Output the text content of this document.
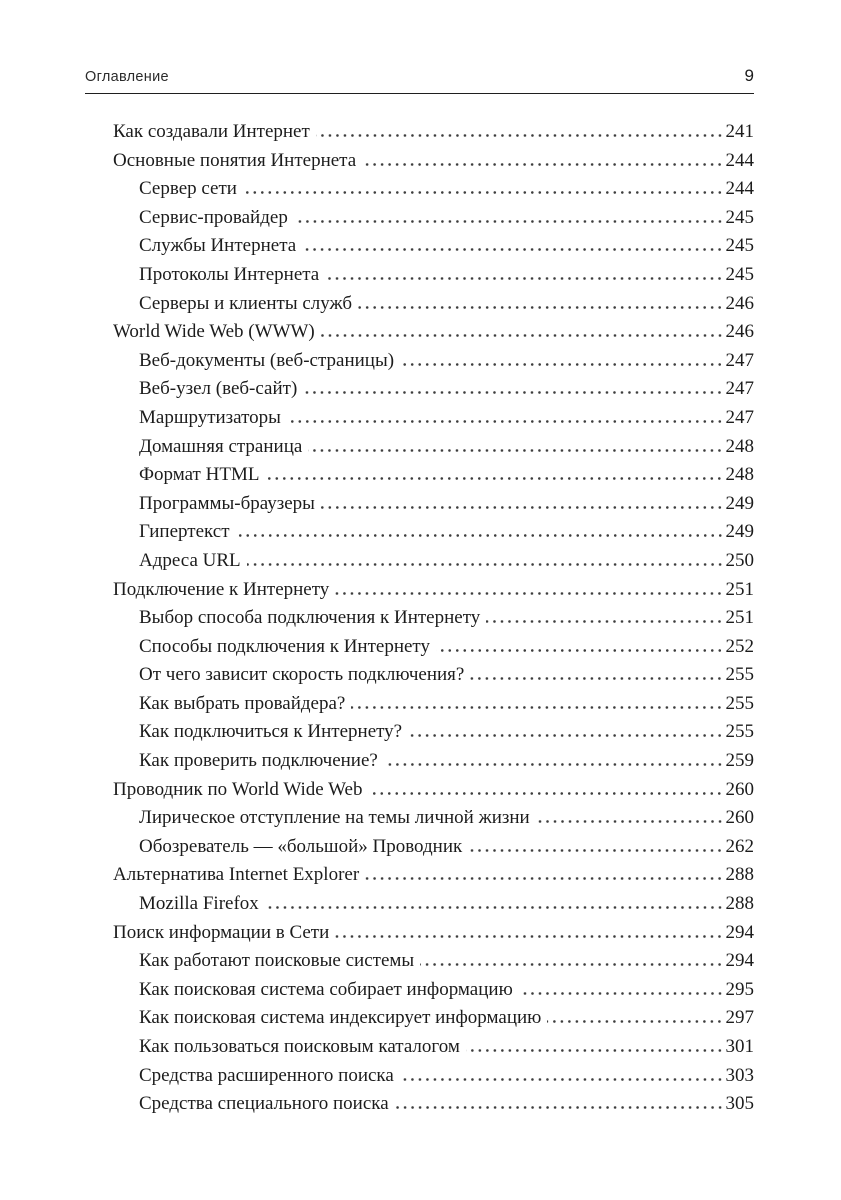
Оглавление	9
Как создавали Интернет	241
Основные понятия Интернета	244
Сервер сети	244
Сервис-провайдер	245
Службы Интернета	245
Протоколы Интернета	245
Серверы и клиенты служб	246
World Wide Web (WWW)	246
Веб-документы (веб-страницы)	247
Веб-узел (веб-сайт)	247
Маршрутизаторы	247
Домашняя страница	248
Формат HTML	248
Программы-браузеры	249
Гипертекст	249
Адреса URL	250
Подключение к Интернету	251
Выбор способа подключения к Интернету	251
Способы подключения к Интернету	252
От чего зависит скорость подключения?	255
Как выбрать провайдера?	255
Как подключиться к Интернету?	255
Как проверить подключение?	259
Проводник по World Wide Web	260
Лирическое отступление на темы личной жизни	260
Обозреватель — «большой» Проводник	262
Альтернатива Internet Explorer	288
Mozilla Firefox	288
Поиск информации в Сети	294
Как работают поисковые системы	294
Как поисковая система собирает информацию	295
Как поисковая система индексирует информацию	297
Как пользоваться поисковым каталогом	301
Средства расширенного поиска	303
Средства специального поиска	305
